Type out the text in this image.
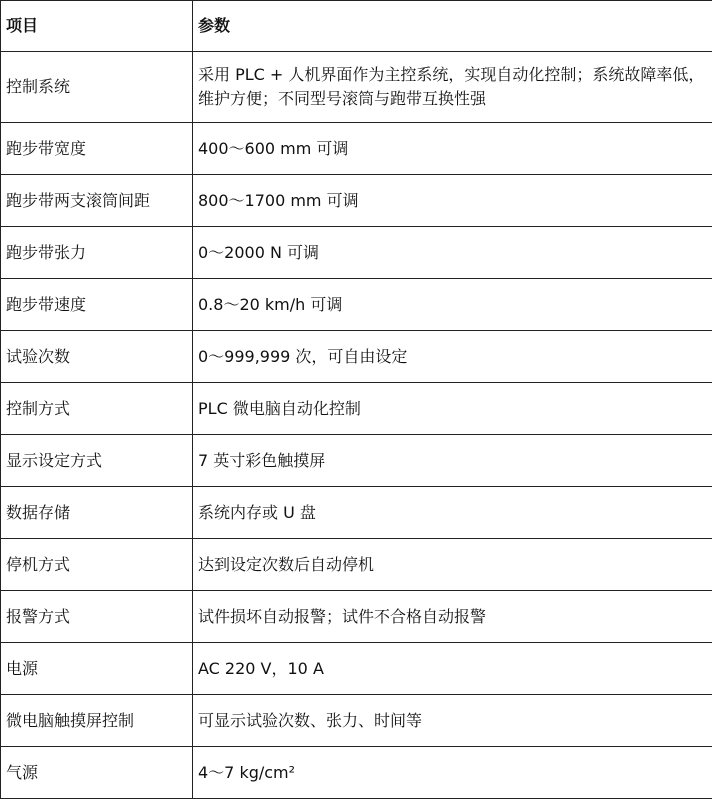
项目	参数
控制系统	采用 PLC + 人机界面作为主控系统，实现自动化控制；系统故障率低，维护方便；不同型号滚筒与跑带互换性强
跑步带宽度	400～600 mm 可调
跑步带两支滚筒间距	800～1700 mm 可调
跑步带张力	0～2000 N 可调
跑步带速度	0.8～20 km/h 可调
试验次数	0～999,999 次，可自由设定
控制方式	PLC 微电脑自动化控制
显示设定方式	7 英寸彩色触摸屏
数据存储	系统内存或 U 盘
停机方式	达到设定次数后自动停机
报警方式	试件损坏自动报警；试件不合格自动报警
电源	AC 220 V，10 A
微电脑触摸屏控制	可显示试验次数、张力、时间等
气源	4～7 kg/cm²
